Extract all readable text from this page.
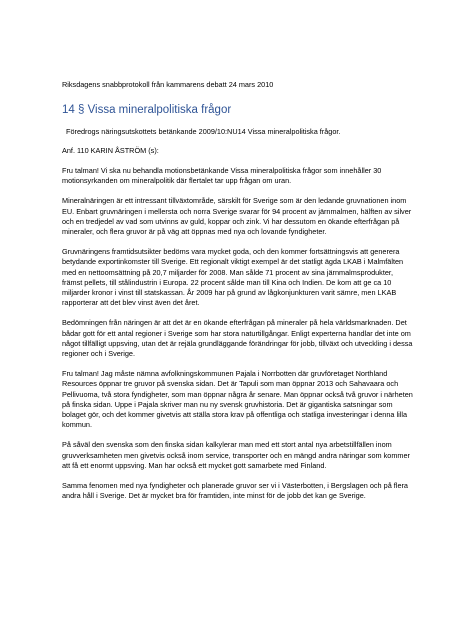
Riksdagens snabbprotokoll från kammarens debatt 24 mars 2010

14 § Vissa mineralpolitiska frågor

Föredrogs näringsutskottets betänkande 2009/10:NU14 Vissa mineralpolitiska frågor.

Anf. 110 KARIN ÅSTRÖM (s):

Fru talman! Vi ska nu behandla motionsbetänkande Vissa mineralpolitiska frågor som innehåller 30 motionsyrkanden om mineralpolitik där flertalet tar upp frågan om uran.

Mineralnäringen är ett intressant tillväxtområde, särskilt för Sverige som är den ledande gruvnationen inom EU. Enbart gruvnäringen i mellersta och norra Sverige svarar för 94 procent av järnmalmen, hälften av silver och en tredjedel av vad som utvinns av guld, koppar och zink. Vi har dessutom en ökande efterfrågan på mineraler, och flera gruvor är på väg att öppnas med nya och lovande fyndigheter.

Gruvnäringens framtidsutsikter bedöms vara mycket goda, och den kommer fortsättningsvis att generera betydande exportinkomster till Sverige. Ett regionalt viktigt exempel är det statligt ägda LKAB i Malmfälten med en nettoomsättning på 20,7 miljarder för 2008. Man sålde 71 procent av sina järnmalmsprodukter, främst pellets, till stålindustrin i Europa. 22 procent sålde man till Kina och Indien. De kom att ge ca 10 miljarder kronor i vinst till statskassan. År 2009 har på grund av lågkonjunkturen varit sämre, men LKAB rapporterar att det blev vinst även det året.

Bedömningen från näringen är att det är en ökande efterfrågan på mineraler på hela världsmarknaden. Det bådar gott för ett antal regioner i Sverige som har stora naturtillgångar. Enligt experterna handlar det inte om något tillfälligt uppsving, utan det är rejäla grundläggande förändringar för jobb, tillväxt och utveckling i dessa regioner och i Sverige.

Fru talman! Jag måste nämna avfolkningskommunen Pajala i Norrbotten där gruvföretaget Northland Resources öppnar tre gruvor på svenska sidan. Det är Tapuli som man öppnar 2013 och Sahavaara och Pellivuoma, två stora fyndigheter, som man öppnar några år senare. Man öppnar också två gruvor i närheten på finska sidan. Uppe i Pajala skriver man nu ny svensk gruvhistoria. Det är gigantiska satsningar som bolaget gör, och det kommer givetvis att ställa stora krav på offentliga och statliga investeringar i denna lilla kommun.

På såväl den svenska som den finska sidan kalkylerar man med ett stort antal nya arbetstillfällen inom gruvverksamheten men givetvis också inom service, transporter och en mängd andra näringar som kommer att få ett enormt uppsving. Man har också ett mycket gott samarbete med Finland.

Samma fenomen med nya fyndigheter och planerade gruvor ser vi i Västerbotten, i Bergslagen och på flera andra håll i Sverige. Det är mycket bra för framtiden, inte minst för de jobb det kan ge Sverige.
